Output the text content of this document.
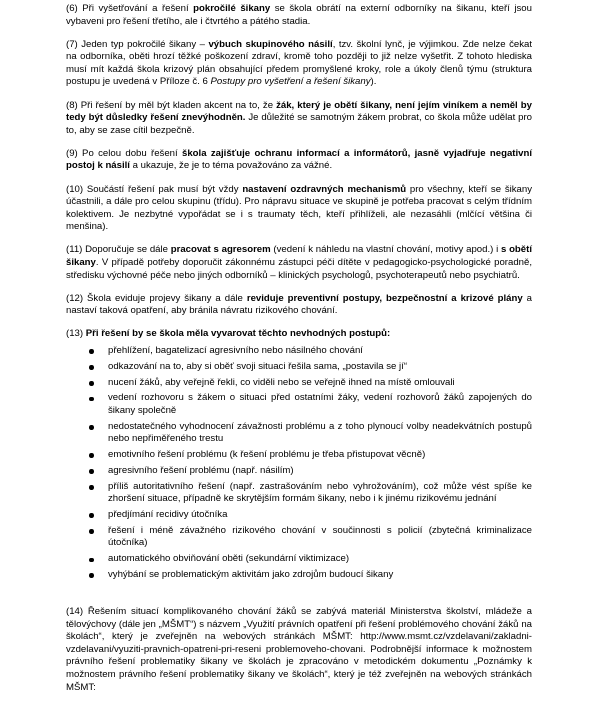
(6) Při vyšetřování a řešení pokročilé šikany se škola obrátí na externí odborníky na šikanu, kteří jsou vybaveni pro řešení třetího, ale i čtvrtého a pátého stadia.

(7) Jeden typ pokročilé šikany – výbuch skupinového násilí, tzv. školní lynč, je výjimkou. Zde nelze čekat na odborníka, oběti hrozí těžké poškození zdraví, kromě toho později to již nelze vyšetřit. Z tohoto hlediska musí mít každá škola krizový plán obsahující předem promyšlené kroky, role a úkoly členů týmu (struktura postupu je uvedená v Příloze č. 6 Postupy pro vyšetření a řešení šikany).

(8) Při řešení by měl být kladen akcent na to, že žák, který je obětí šikany, není jejím viníkem a neměl by tedy být důsledky řešení znevýhodněn. Je důležité se samotným žákem probrat, co škola může udělat pro to, aby se zase cítil bezpečně.

(9) Po celou dobu řešení škola zajišťuje ochranu informací a informátorů, jasně vyjadřuje negativní postoj k násilí a ukazuje, že je to téma považováno za vážné.

(10) Součástí řešení pak musí být vždy nastavení ozdravných mechanismů pro všechny, kteří se šikany účastnili, a dále pro celou skupinu (třídu). Pro nápravu situace ve skupině je potřeba pracovat s celým třídním kolektivem. Je nezbytné vypořádat se i s traumaty těch, kteří přihlíželi, ale nezasáhli (mlčící většina či menšina).

(11) Doporučuje se dále pracovat s agresorem (vedení k náhledu na vlastní chování, motivy apod.) i s obětí šikany. V případě potřeby doporučit zákonnému zástupci péči dítěte v pedagogicko-psychologické poradně, středisku výchovné péče nebo jiných odborníků – klinických psychologů, psychoterapeutů nebo psychiatrů.

(12) Škola eviduje projevy šikany a dále reviduje preventivní postupy, bezpečnostní a krizové plány a nastaví taková opatření, aby bránila návratu rizikového chování.

(13) Při řešení by se škola měla vyvarovat těchto nevhodných postupů:

přehlížení, bagatelizací agresivního nebo násilného chování
odkazování na to, aby si oběť svoji situaci řešila sama, „postavila se jí“
nucení žáků, aby veřejně řekli, co viděli nebo se veřejně ihned na místě omlouvali
vedení rozhovoru s žákem o situaci před ostatními žáky, vedení rozhovorů žáků zapojených do šikany společně
nedostatečného vyhodnocení závažnosti problému a z toho plynoucí volby neadekvátních postupů nebo nepřiměřeného trestu
emotivního řešení problému (k řešení problému je třeba přistupovat věcně)
agresivního řešení problému (např. násilím)
příliš autoritativního řešení (např. zastrašováním nebo vyhrožováním), což může vést spíše ke zhoršení situace, případně ke skrytějším formám šikany, nebo i k jinému rizikovému jednání
předjímání recidivy útočníka
řešení i méně závažného rizikového chování v součinnosti s policií (zbytečná kriminalizace útočníka)
automatického obviňování oběti (sekundární viktimizace)
vyhýbání se problematickým aktivitám jako zdrojům budoucí šikany

(14) Řešením situací komplikovaného chování žáků se zabývá materiál Ministerstva školství, mládeže a tělovýchovy (dále jen „MŠMT“) s názvem „Využití právních opatření při řešení problémového chování žáků na školách“, který je zveřejněn na webových stránkách MŠMT: http://www.msmt.cz/vzdelavani/zakladni-vzdelavani/vyuziti-pravnich-opatreni-pri-reseni problemoveho-chovani. Podrobnější informace k možnostem právního řešení problematiky šikany ve školách je zpracováno v metodickém dokumentu „Poznámky k možnostem právního řešení problematiky šikany ve školách“, který je též zveřejněn na webových stránkách MŠMT:
